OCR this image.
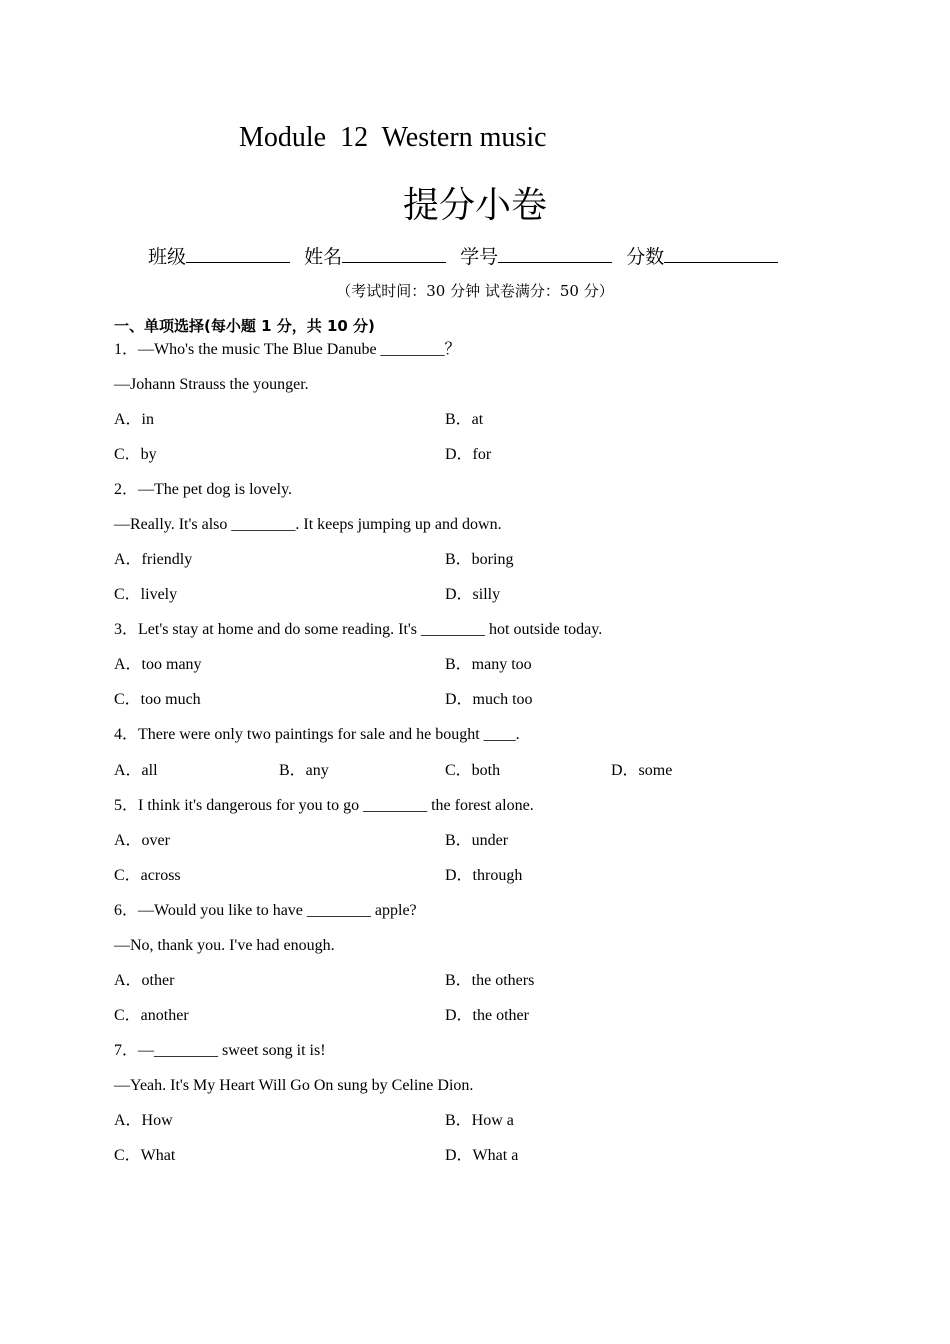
Module  12  Western music
提分小卷
班级	姓名	学号	分数
（考试时间：30 分钟 试卷满分：50 分）
一、单项选择(每小题 1 分，共 10 分)
1．—Who's the music The Blue Danube ________？
—Johann Strauss the younger.
A．in	B．at
C．by	D．for
2．—The pet dog is lovely.
—Really. It's also ________. It keeps jumping up and down.
A．friendly	B．boring
C．lively	D．silly
3．Let's stay at home and do some reading. It's ________ hot outside today.
A．too many	B．many too
C．too much	D．much too
4．There were only two paintings for sale and he bought ____.
A．all	B．any	C．both	D．some
5．I think it's dangerous for you to go ________ the forest alone.
A．over	B．under
C．across	D．through
6．—Would you like to have ________ apple?
—No, thank you. I've had enough.
A．other	B．the others
C．another	D．the other
7．—________ sweet song it is!
—Yeah. It's My Heart Will Go On sung by Celine Dion.
A．How	B．How a
C．What	D．What a
